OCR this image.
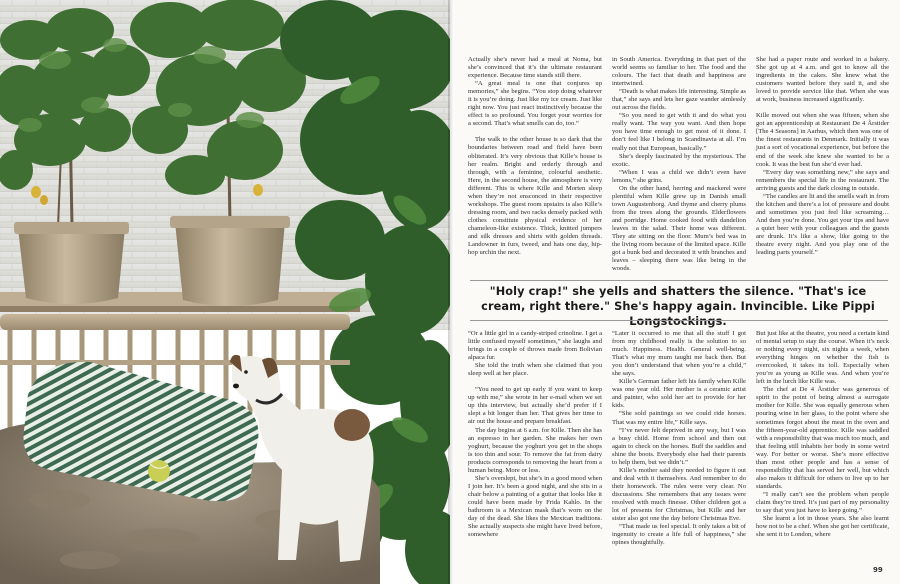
Actually she’s never had a meal at Noma, but she’s convinced that it’s the ultimate restaurant experience. Because time stands still there.

“A great meal is one that conjures up memories,” she begins. “You stop doing whatever it is you’re doing. Just like my ice cream. Just like right now. You just react instinctively because the effect is so profound. You forget your worries for a second. That’s what smells can do, too.”

The walk to the other house is so dark that the boundaries between road and field have been obliterated. It’s very obvious that Kille’s house is her realm. Bright and orderly through and through, with a feminine, colourful aesthetic. Here, in the second house, the atmosphere is very different. This is where Kille and Morten sleep when they’re not ensconced in their respective workshops. The guest room upstairs is also Kille’s dressing room, and two racks densely packed with clothes constitute physical evidence of her chameleon-like existence. Thick, knitted jumpers and silk dresses and shirts with golden threads. Landowner in furs, tweed, and hats one day, hip-hop urchin the next.

in South America. Everything in that part of the world seems so familiar to her. The food and the colours. The fact that death and happiness are intertwined.

“Death is what makes life interesting. Simple as that,” she says and lets her gaze wander aimlessly out across the fields.

“So you need to get with it and do what you really want. The way you want. And then hope you have time enough to get most of it done. I don’t feel like I belong in Scandinavia at all. I’m really not that European, basically.”

She’s deeply fascinated by the mysterious. The exotic.

“When I was a child we didn’t even have lemons,” she grins.

On the other hand, herring and mackerel were plentiful when Kille grew up in Danish small town Augustenborg. And thyme and cherry plums from the trees along the grounds. Elderflowers and porridge. Home cooked food with dandelion leaves in the salad. Their home was different. They ate sitting on the floor. Mum’s bed was in the living room because of the limited space. Kille got a bunk bed and decorated it with branches and leaves – sleeping there was like being in the woods.

She had a paper route and worked in a bakery. She got up at 4 a.m. and got to know all the ingredients in the cakes. She knew what the customers wanted before they said it, and she loved to provide service like that. When she was at work, business increased significantly.

Kille moved out when she was fifteen, when she got an apprenticeship at Restaurant De 4 Årstider [The 4 Seasons] in Aarhus, which then was one of the finest restaurants in Denmark. Initially it was just a sort of vocational experience, but before the end of the week she knew she wanted to be a cook. It was the best fun she’d ever had.

“Every day was something new,” she says and remembers the special life in the restaurant. The arriving guests and the dark closing in outside.

“The candles are lit and the smells waft in from the kitchen and there’s a lot of pressure and doubt and sometimes you just feel like screaming… And then you’re done. You get your tips and have a quiet beer with your colleagues and the guests are drunk. It’s like a show, like going to the theatre every night. And you play one of the leading parts yourself.”

"Holy crap!" she yells and shatters the silence. "That's ice cream, right there." She's happy again. Invincible. Like Pippi Longstockings.

“Or a little girl in a candy-striped crinoline. I get a little confused myself sometimes,” she laughs and brings in a couple of throws made from Bolivian alpaca fur.

She told the truth when she claimed that you sleep well at her place.

“You need to get up early if you want to keep up with me,” she wrote in her e-mail when we set up this interview, but actually she’d prefer if I slept a bit longer than her. That gives her time to air out the house and prepare breakfast.

The day begins at 6 a.m. for Kille. Then she has an espresso in her garden. She makes her own yoghurt, because the yoghurt you get in the shops is too thin and sour. To remove the fat from dairy products corresponds to removing the heart from a human being. More or less.

She’s overslept, but she’s in a good mood when I join her. It’s been a good night, and she sits in a chair below a painting of a guitar that looks like it could have been made by Frida Kahlo. In the bathroom is a Mexican mask that’s worn on the day of the dead. She likes the Mexican traditions. She actually suspects she might have lived before, somewhere

“Later it occurred to me that all the stuff I got from my childhood really is the solution to so much. Happiness. Health. General well-being. That’s what my mum taught me back then. But you don’t understand that when you’re a child,” she says.

Kille’s German father left his family when Kille was one year old. Her mother is a ceramic artist and painter, who sold her art to provide for her kids.

“She sold paintings so we could ride horses. That was my entire life,” Kille says.

“I’ve never felt deprived in any way, but I was a busy child. Home from school and then out again to check on the horses. Buff the saddles and shine the boots. Everybody else had their parents to help them, but we didn’t.”

Kille’s mother said they needed to figure it out and deal with it themselves. And remember to do their homework. The rules were very clear. No discussions. She remembers that any issues were resolved with much finesse. Other children got a lot of presents for Christmas, but Kille and her sister also got one the day before Christmas Eve.

“That made us feel special. It only takes a bit of ingenuity to create a life full of happiness,” she opines thoughtfully.

But just like at the theatre, you need a certain kind of mental setup to stay the course. When it’s neck or nothing every night, six nights a week, when everything hinges on whether the fish is overcooked, it takes its toll. Especially when you’re as young as Kille was. And when you’re left in the lurch like Kille was.

The chef at De 4 Årstider was generous of spirit to the point of being almost a surrogate mother for Kille. She was equally generous when pouring wine in her glass, to the point where she sometimes forgot about the meat in the oven and the fifteen-year-old apprentice. Kille was saddled with a responsibility that was much too much, and that feeling still inhabits her body in some weird way. For better or worse. She’s more effective than most other people and has a sense of responsibility that has served her well, but which also makes it difficult for others to live up to her standards.

“I really can’t see the problem when people claim they’re tired. It’s just part of my personality to say that you just have to keep going.”

She learnt a lot in those years. She also learnt how not to be a chef. When she got her certificate, she sent it to London, where

99
